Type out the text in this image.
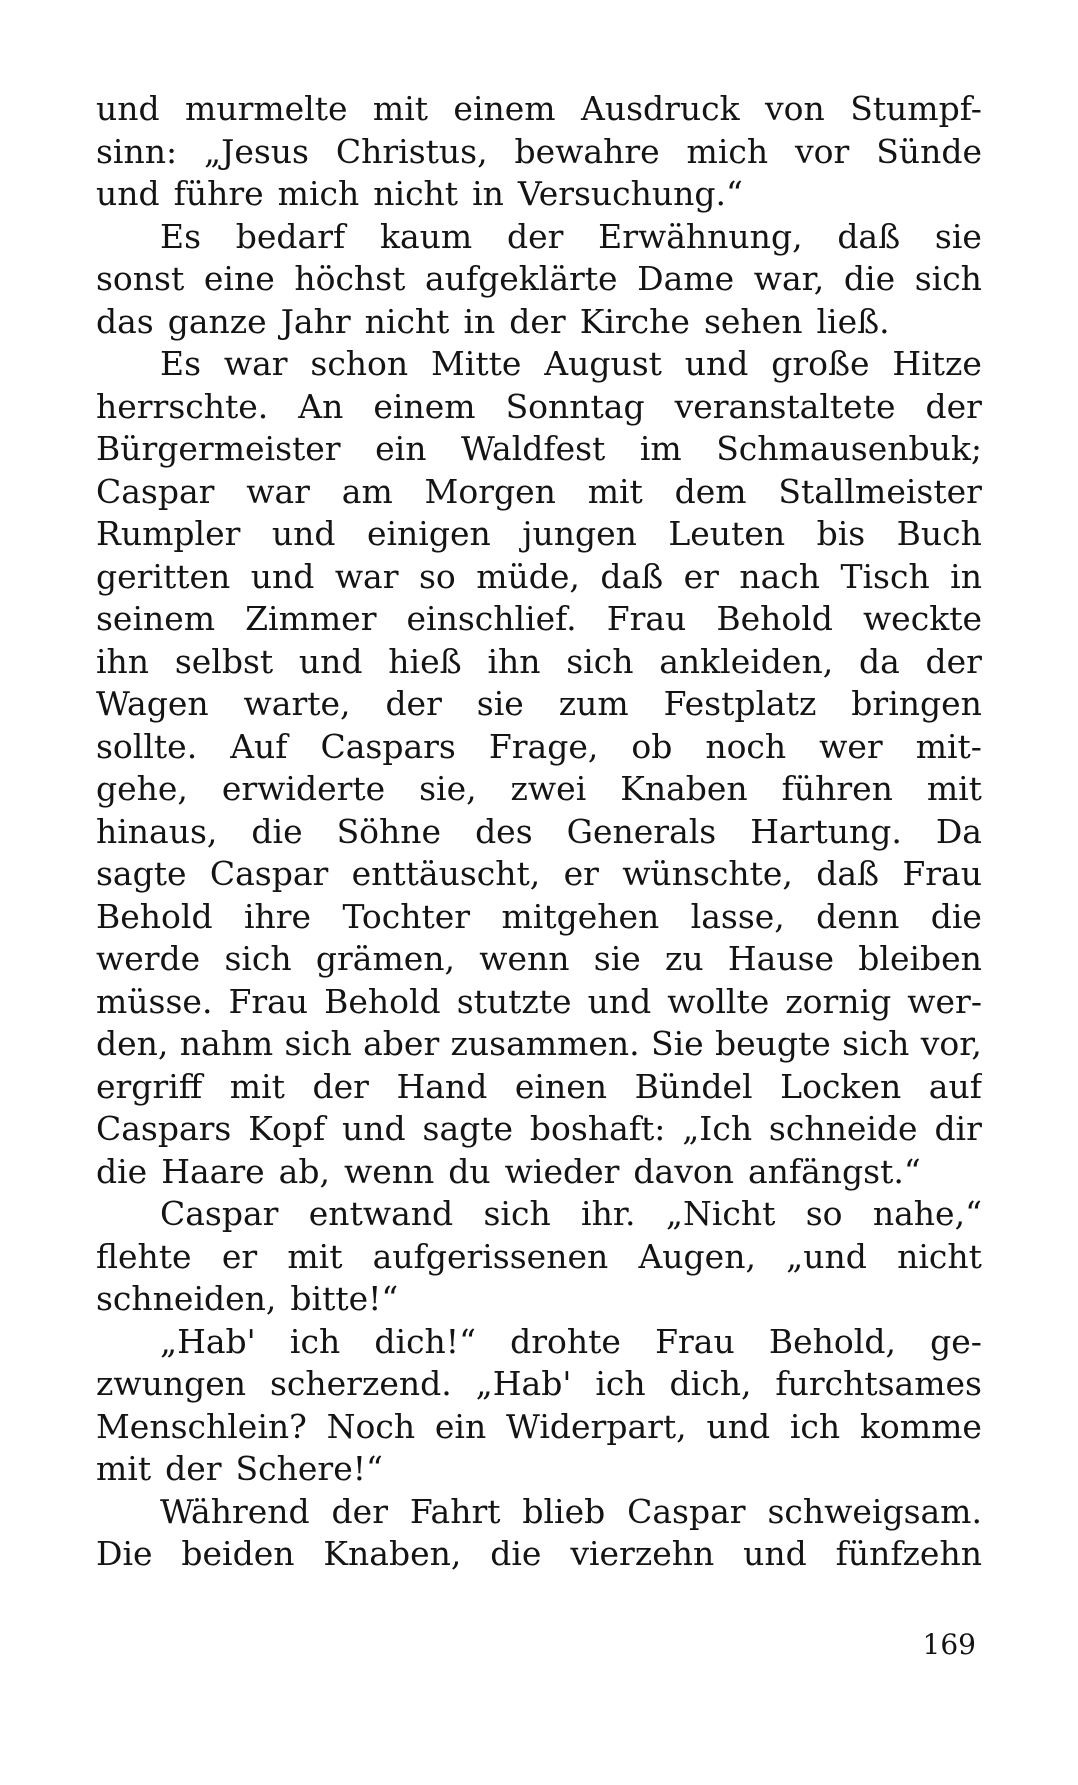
und murmelte mit einem Ausdruck von Stumpf-
sinn: „Jesus Christus, bewahre mich vor Sünde
und führe mich nicht in Versuchung.“
Es bedarf kaum der Erwähnung, daß sie
sonst eine höchst aufgeklärte Dame war, die sich
das ganze Jahr nicht in der Kirche sehen ließ.
Es war schon Mitte August und große Hitze
herrschte. An einem Sonntag veranstaltete der
Bürgermeister ein Waldfest im Schmausenbuk;
Caspar war am Morgen mit dem Stallmeister
Rumpler und einigen jungen Leuten bis Buch
geritten und war so müde, daß er nach Tisch in
seinem Zimmer einschlief. Frau Behold weckte
ihn selbst und hieß ihn sich ankleiden, da der
Wagen warte, der sie zum Festplatz bringen
sollte. Auf Caspars Frage, ob noch wer mit-
gehe, erwiderte sie, zwei Knaben führen mit
hinaus, die Söhne des Generals Hartung. Da
sagte Caspar enttäuscht, er wünschte, daß Frau
Behold ihre Tochter mitgehen lasse, denn die
werde sich grämen, wenn sie zu Hause bleiben
müsse. Frau Behold stutzte und wollte zornig wer-
den, nahm sich aber zusammen. Sie beugte sich vor,
ergriff mit der Hand einen Bündel Locken auf
Caspars Kopf und sagte boshaft: „Ich schneide dir
die Haare ab, wenn du wieder davon anfängst.“
Caspar entwand sich ihr. „Nicht so nahe,“
flehte er mit aufgerissenen Augen, „und nicht
schneiden, bitte!“
„Hab' ich dich!“ drohte Frau Behold, ge-
zwungen scherzend. „Hab' ich dich, furchtsames
Menschlein? Noch ein Widerpart, und ich komme
mit der Schere!“
Während der Fahrt blieb Caspar schweigsam.
Die beiden Knaben, die vierzehn und fünfzehn
169
